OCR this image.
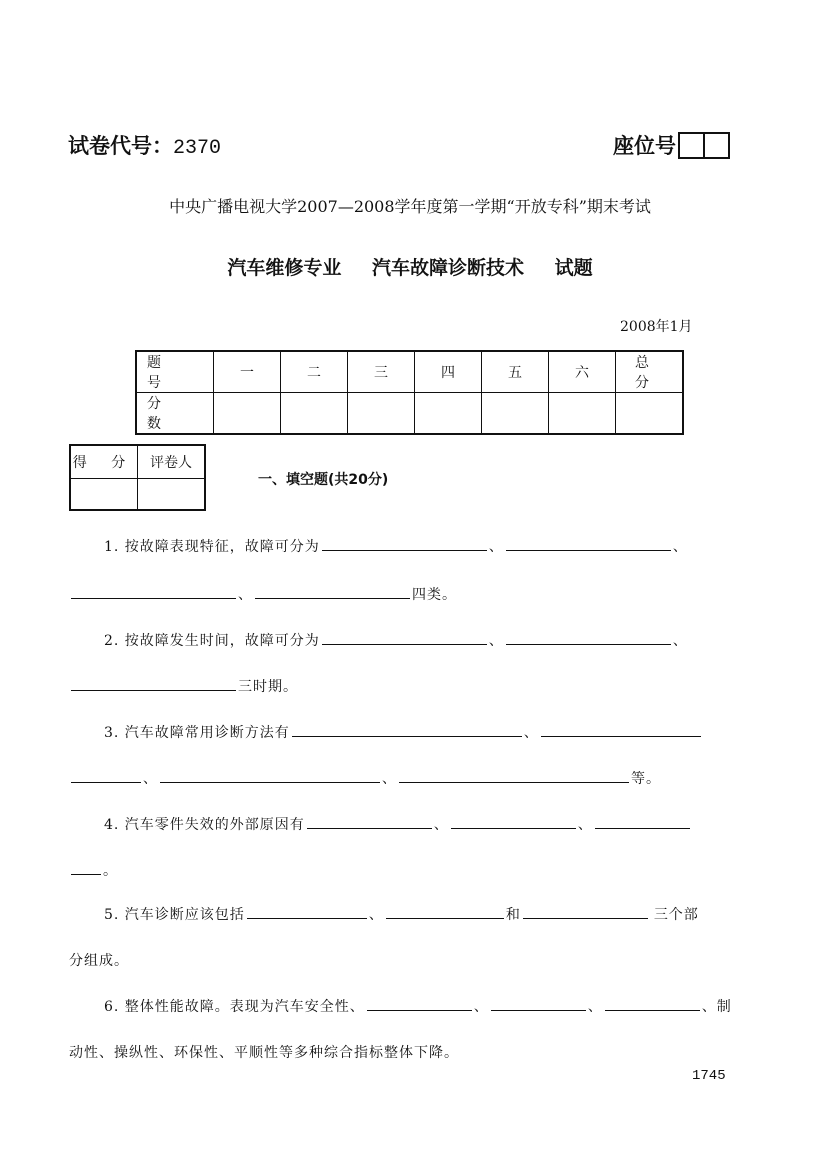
试卷代号：2370	座位号
中央广播电视大学2007—2008学年度第一学期“开放专科”期末考试
汽车维修专业 汽车故障诊断技术 试题
2008年1月
题 号	一	二	三	四	五	六	总 分
分 数							
得 分	评卷人

一、填空题(共20分)
1. 按故障表现特征，故障可分为	、	、
、	四类。
2. 按故障发生时间，故障可分为	、	、
三时期。
3. 汽车故障常用诊断方法有	、
、	、	等。
4. 汽车零件失效的外部原因有	、	、
。
5. 汽车诊断应该包括	、	和	三个部
分组成。
6. 整体性能故障。表现为汽车安全性、	、	、	、制
动性、操纵性、环保性、平顺性等多种综合指标整体下降。
1745
